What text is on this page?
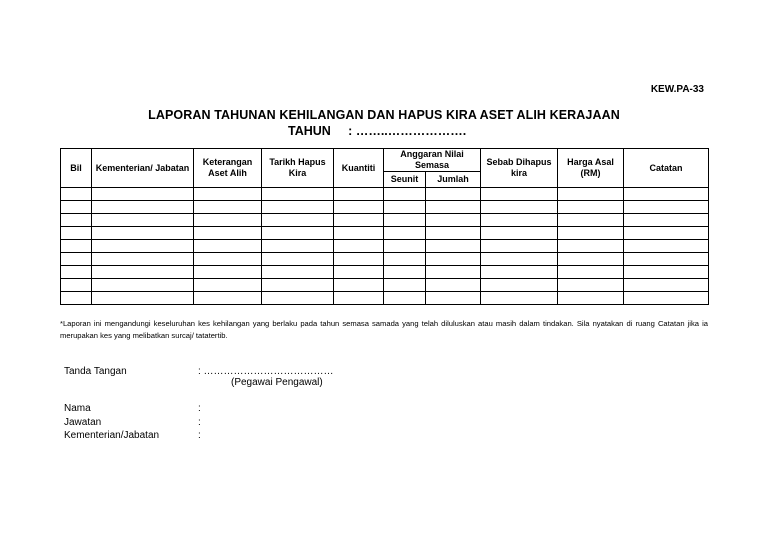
KEW.PA-33
LAPORAN TAHUNAN KEHILANGAN DAN HAPUS KIRA ASET ALIH KERAJAAN
TAHUN     : ……..……………….
Bil	Kementerian/ Jabatan	Keterangan Aset Alih	Tarikh Hapus Kira	Kuantiti	Anggaran Nilai Semasa		Sebab Dihapus kira	Harga Asal (RM)	Catatan
					Seunit	Jumlah			

*Laporan ini mengandungi keseluruhan kes kehilangan yang berlaku pada tahun semasa samada yang telah diluluskan atau masih dalam tindakan. Sila nyatakan di ruang Catatan jika ia merupakan kes yang melibatkan surcaj/ tatatertib.
Tanda Tangan	: …………………………………
(Pegawai Pengawal)
Nama	:
Jawatan	:
Kementerian/Jabatan	:
